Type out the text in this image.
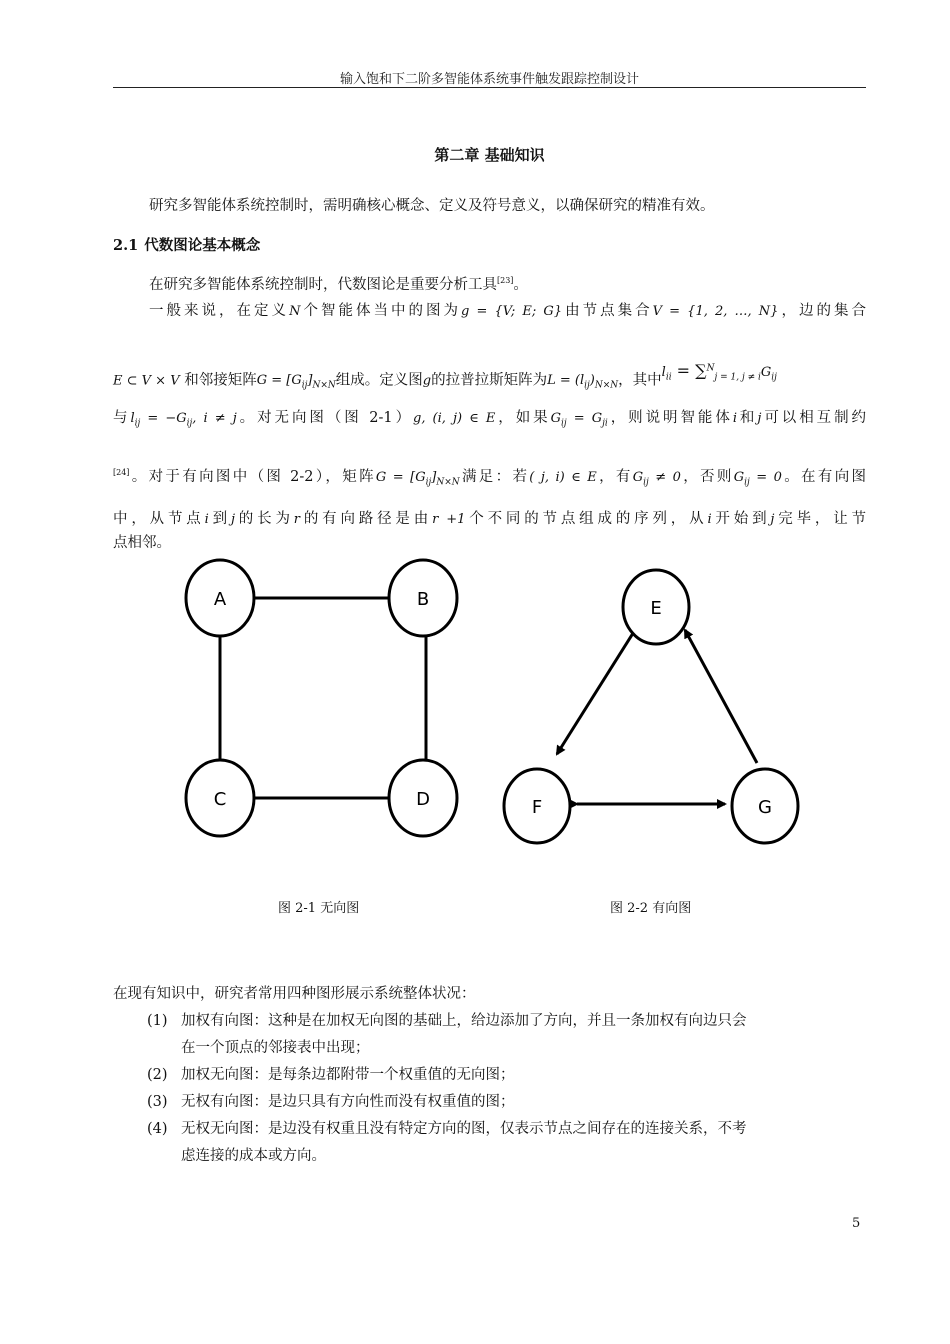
输入饱和下二阶多智能体系统事件触发跟踪控制设计
第二章 基础知识
研究多智能体系统控制时，需明确核心概念、定义及符号意义，以确保研究的精准有效。
2.1 代数图论基本概念
在研究多智能体系统控制时，代数图论是重要分析工具[23]。
一般来说，在定义N个智能体当中的图为g = {V; E; G}由节点集合V = {1, 2, …, N}，边的集合
E ⊂ V × V 和邻接矩阵$G = [G_{ij}]_{N\times N}$组成。定义图g的拉普拉斯矩阵为$L = (l_{ij})_{N\times N}$，其中$l_{ii} = \sum^N_{j = 1, j \ne i}G_{ij}$
与$l_{ij} = -G_{ij}$, i ≠ j。对无向图（图 2-1）g, (i, j) ∈ E，如果$G_{ij} = G_{ji}$，则说明智能体i和j可以相互制约
[24]。对于有向图中（图 2-2），矩阵$G = [G_{ij}]_{N\times N}$满足：若( j, i) ∈ E，有$G_{ij} \ne 0$，否则$G_{ij} = 0$。在有向图
中，从节点i到j的长为r的有向路径是由r +1个不同的节点组成的序列，从i开始到j完毕，让节
点相邻。
A	B
C	D
E
F	G
图 2-1 无向图	图 2-2 有向图
在现有知识中，研究者常用四种图形展示系统整体状况：
(1) 加权有向图：这种是在加权无向图的基础上，给边添加了方向，并且一条加权有向边只会
在一个顶点的邻接表中出现；
(2) 加权无向图：是每条边都附带一个权重值的无向图；
(3) 无权有向图：是边只具有方向性而没有权重值的图；
(4) 无权无向图：是边没有权重且没有特定方向的图，仅表示节点之间存在的连接关系，不考
虑连接的成本或方向。
5
